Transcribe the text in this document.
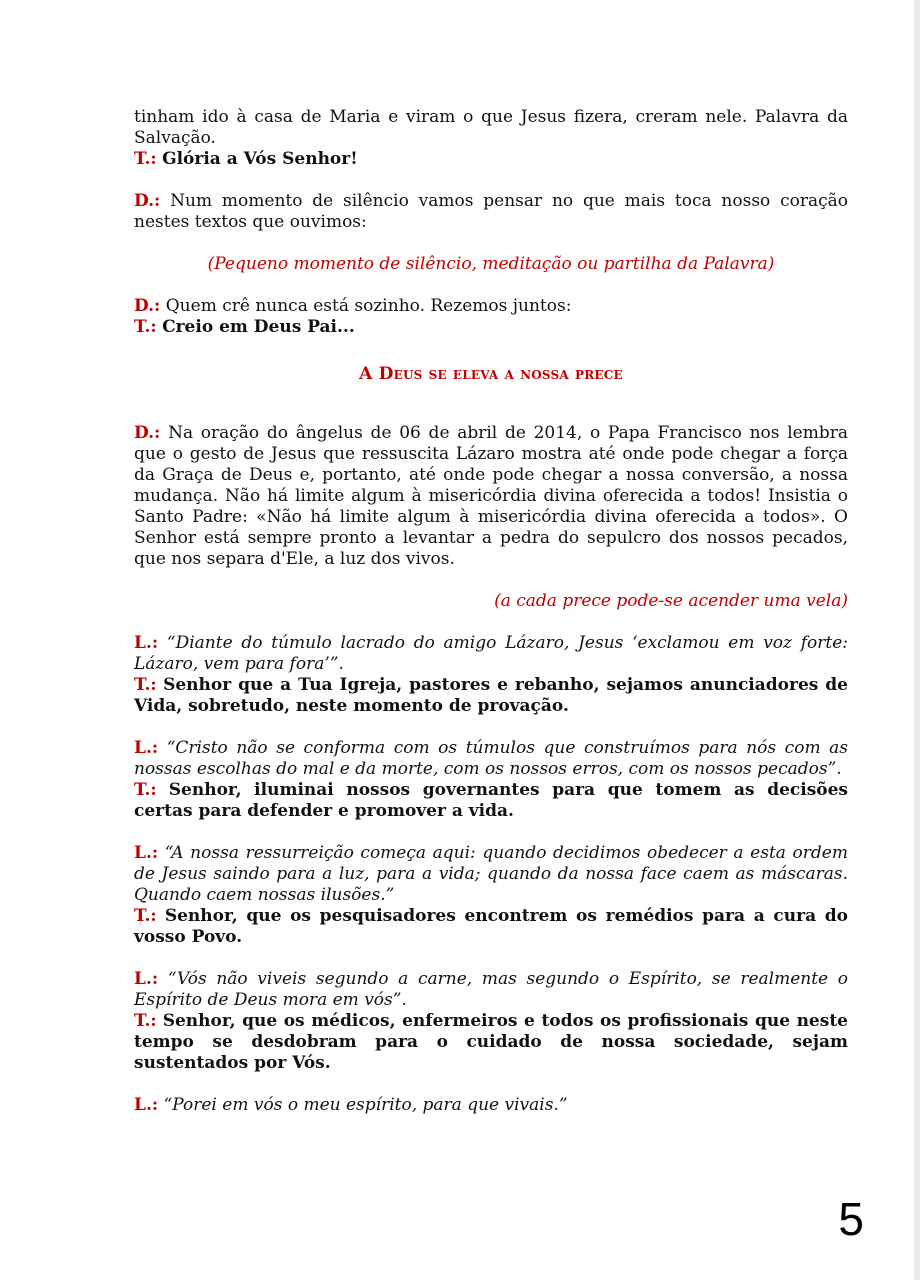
tinham ido à casa de Maria e viram o que Jesus fizera, creram nele. Palavra da Salvação.

T.: Glória a Vós Senhor!

D.: Num momento de silêncio vamos pensar no que mais toca nosso coração nestes textos que ouvimos:

(Pequeno momento de silêncio, meditação ou partilha da Palavra)

D.: Quem crê nunca está sozinho. Rezemos juntos:

T.: Creio em Deus Pai...

A Deus se eleva a nossa prece

D.: Na oração do ângelus de 06 de abril de 2014, o Papa Francisco nos lembra que o gesto de Jesus que ressuscita Lázaro mostra até onde pode chegar a força da Graça de Deus e, portanto, até onde pode chegar a nossa conversão, a nossa mudança. Não há limite algum à misericórdia divina oferecida a todos! Insistia o Santo Padre: «Não há limite algum à misericórdia divina oferecida a todos». O Senhor está sempre pronto a levantar a pedra do sepulcro dos nossos pecados, que nos separa d'Ele, a luz dos vivos.

(a cada prece pode-se acender uma vela)

L.: “Diante do túmulo lacrado do amigo Lázaro, Jesus ‘exclamou em voz forte: Lázaro, vem para fora’”.

T.: Senhor que a Tua Igreja, pastores e rebanho, sejamos anunciadores de Vida, sobretudo, neste momento de provação.

L.: “Cristo não se conforma com os túmulos que construímos para nós com as nossas escolhas do mal e da morte, com os nossos erros, com os nossos pecados”.

T.: Senhor, iluminai nossos governantes para que tomem as decisões certas para defender e promover a vida.

L.: “A nossa ressurreição começa aqui: quando decidimos obedecer a esta ordem de Jesus saindo para a luz, para a vida; quando da nossa face caem as máscaras. Quando caem nossas ilusões.”

T.: Senhor, que os pesquisadores encontrem os remédios para a cura do vosso Povo.

L.: “Vós não viveis segundo a carne, mas segundo o Espírito, se realmente o Espírito de Deus mora em vós”.

T.: Senhor, que os médicos, enfermeiros e todos os profissionais que neste tempo se desdobram para o cuidado de nossa sociedade, sejam sustentados por Vós.

L.: “Porei em vós o meu espírito, para que vivais.”

5
